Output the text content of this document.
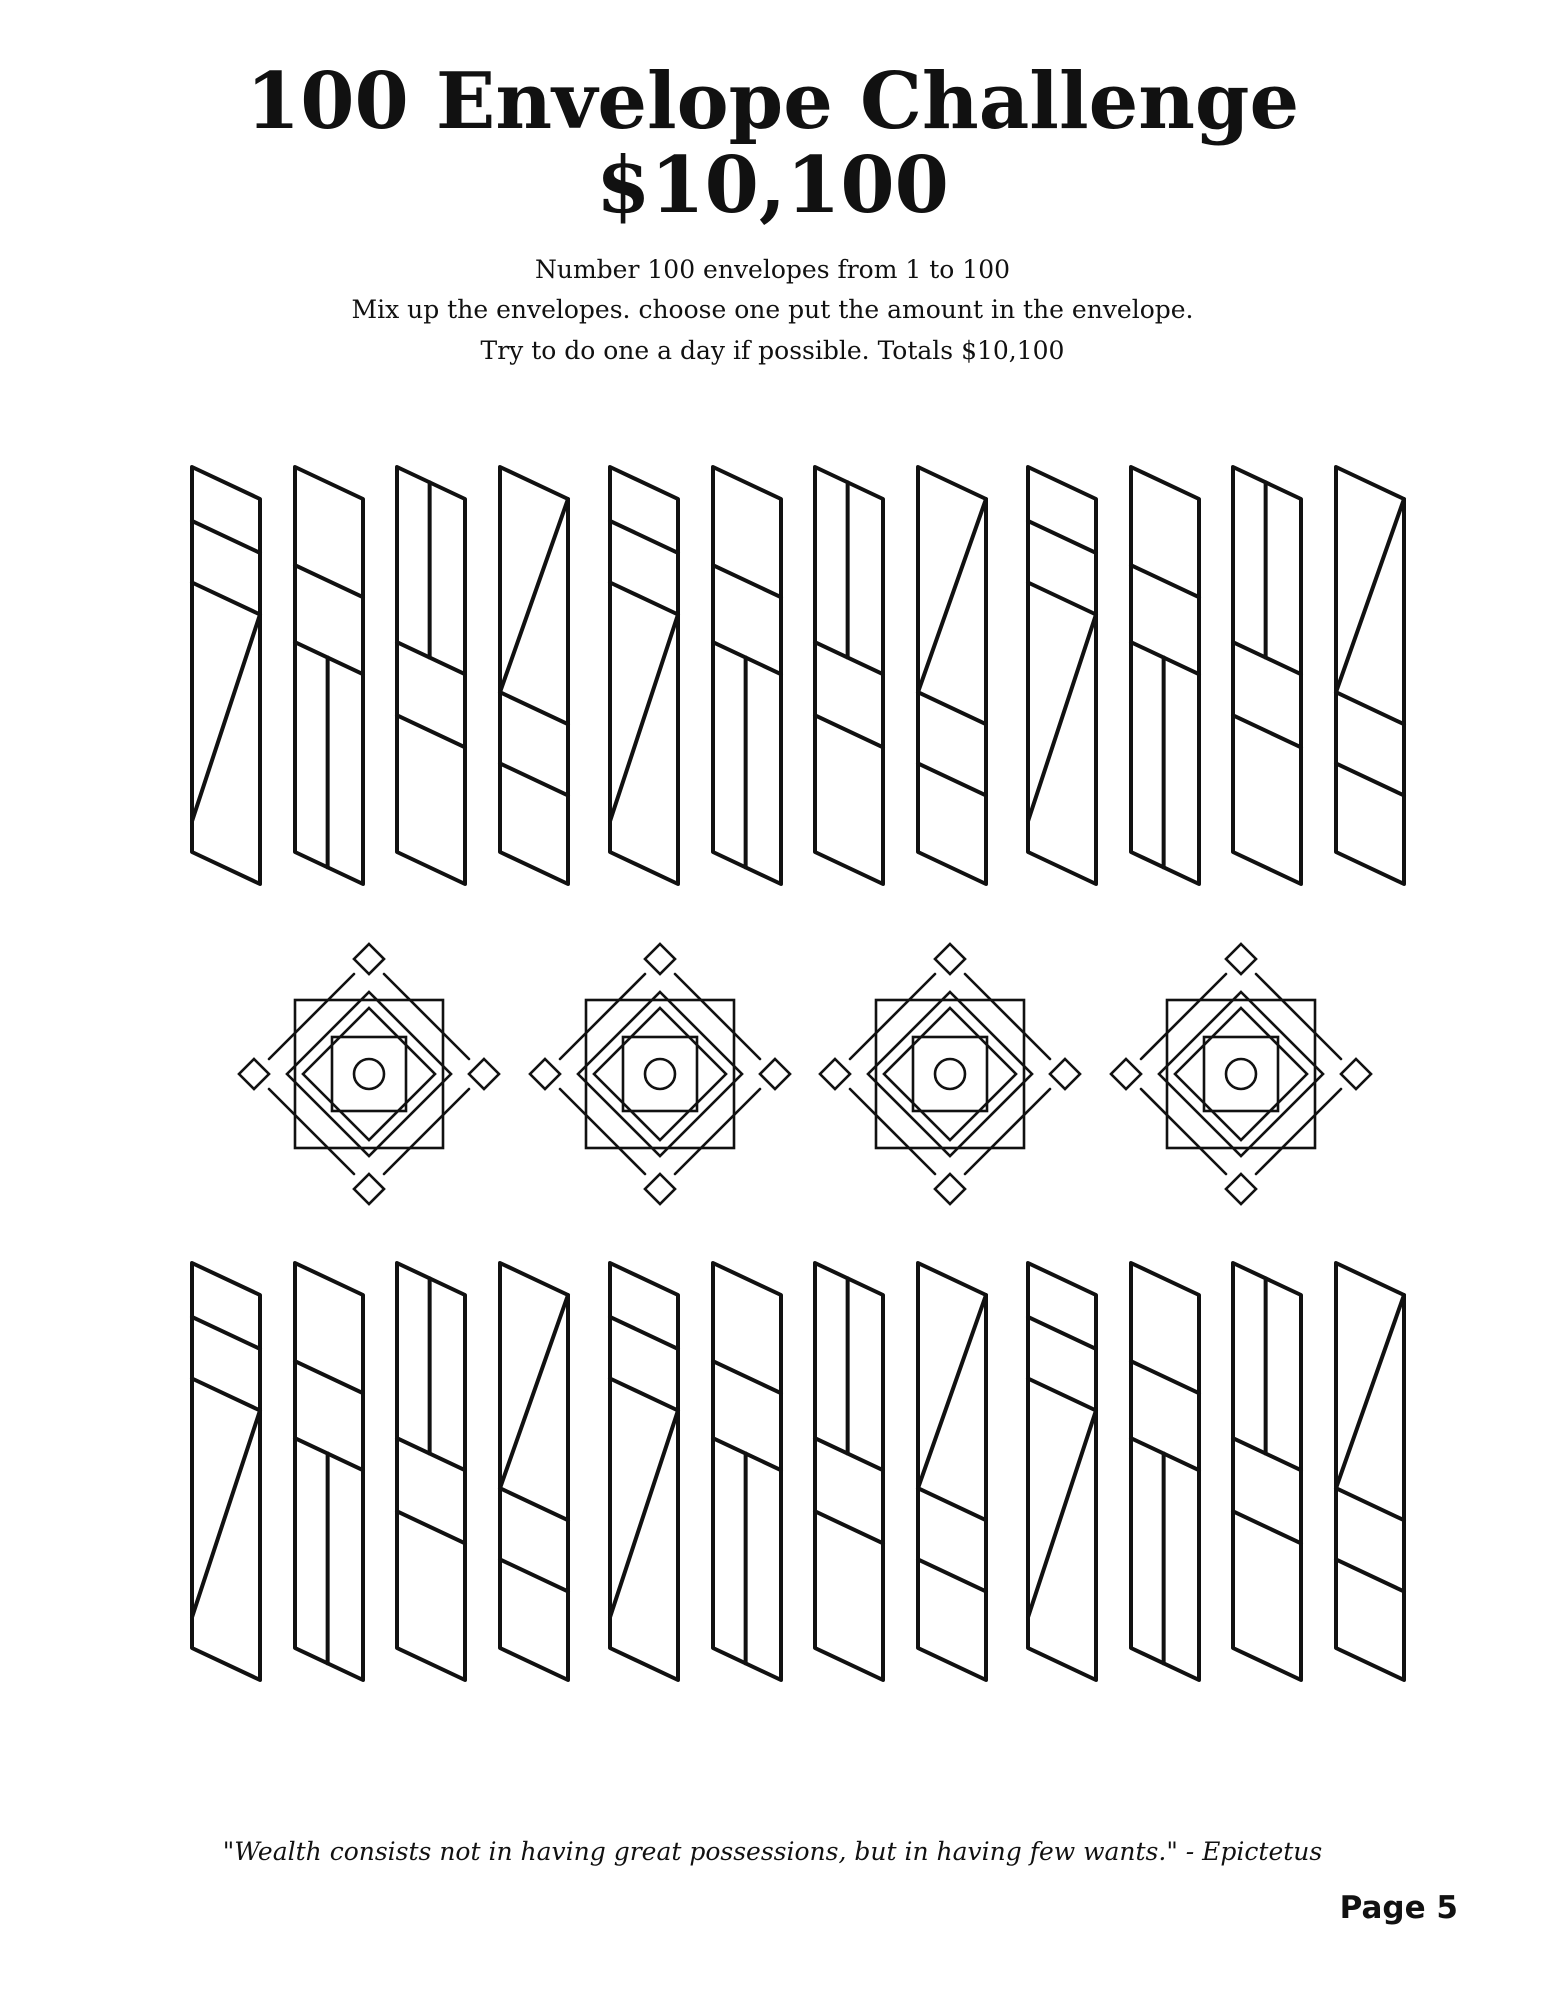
100 Envelope Challenge
$10,100

Number 100 envelopes from 1 to 100

Mix up the envelopes. choose one put the amount in the envelope.

Try to do one a day if possible. Totals $10,100

"Wealth consists not in having great possessions, but in having few wants." - Epictetus
Page 5
